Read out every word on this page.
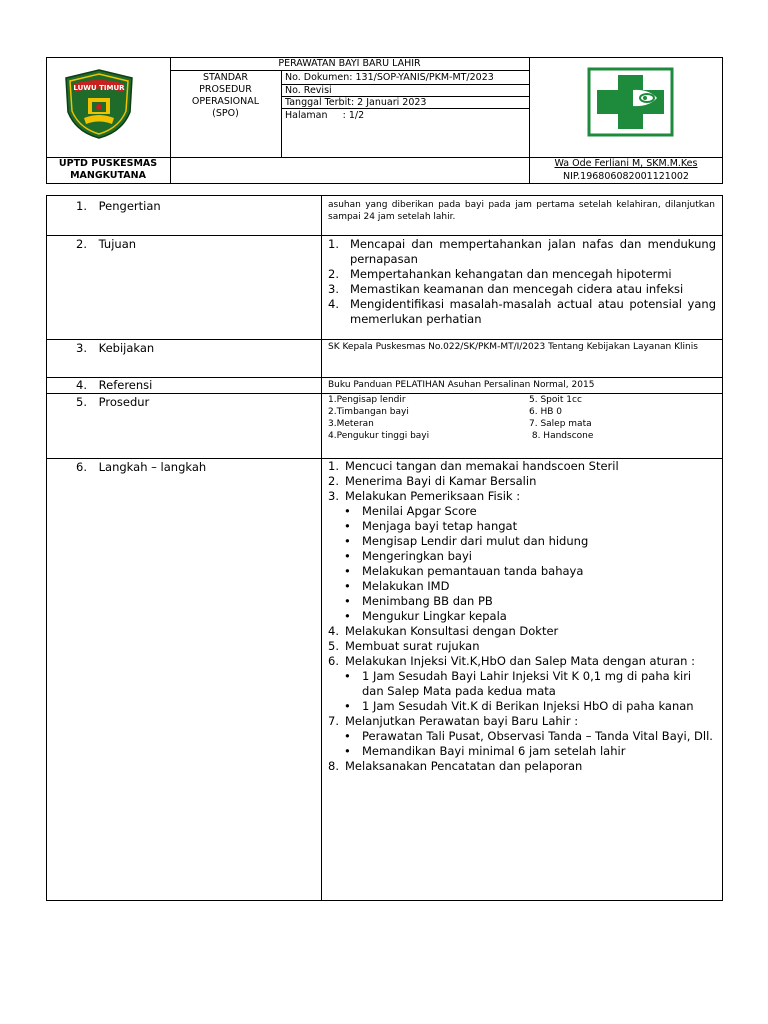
LUWU TIMUR
PERAWATAN BAYI BARU LAHIR
STANDAR
PROSEDUR
OPERASIONAL
(SPO)
No. Dokumen: 131/SOP-YANIS/PKM-MT/2023
No. Revisi
Tanggal Terbit: 2 Januari 2023
Halaman     : 1/2
UPTD PUSKESMAS
MANGKUTANA
Wa Ode Ferliani M, SKM.M.Kes
NIP.196806082001121002
1. Pengertian
2. Tujuan
3. Kebijakan
4. Referensi
5. Prosedur
6. Langkah – langkah
asuhan yang diberikan pada bayi pada jam pertama setelah kelahiran, dilanjutkan sampai 24 jam setelah lahir.
1. Mencapai dan mempertahankan jalan nafas dan mendukung pernapasan
2. Mempertahankan kehangatan dan mencegah hipotermi
3. Memastikan keamanan dan mencegah cidera atau infeksi
4. Mengidentifikasi masalah-masalah actual atau potensial yang memerlukan perhatian
SK Kepala Puskesmas No.022/SK/PKM-MT/I/2023 Tentang Kebijakan Layanan Klinis
Buku Panduan PELATIHAN Asuhan Persalinan Normal, 2015
1.Pengisap lendir
2.Timbangan bayi
3.Meteran
4.Pengukur tinggi bayi
5. Spoit 1cc
6. HB 0
7. Salep mata
8. Handscone
1. Mencuci tangan dan memakai handscoen Steril
2. Menerima Bayi di Kamar Bersalin
3. Melakukan Pemeriksaan Fisik :
• Menilai Apgar Score
• Menjaga bayi tetap hangat
• Mengisap Lendir dari mulut dan hidung
• Mengeringkan bayi
• Melakukan pemantauan tanda bahaya
• Melakukan IMD
• Menimbang BB dan PB
• Mengukur Lingkar kepala
4. Melakukan Konsultasi dengan Dokter
5. Membuat surat rujukan
6. Melakukan Injeksi Vit.K,HbO dan Salep Mata dengan aturan :
• 1 Jam Sesudah Bayi Lahir Injeksi Vit K 0,1 mg di paha kiri dan Salep Mata pada kedua mata
• 1 Jam Sesudah Vit.K di Berikan Injeksi HbO di paha kanan
7. Melanjutkan Perawatan bayi Baru Lahir :
• Perawatan Tali Pusat, Observasi Tanda – Tanda Vital Bayi, Dll.
• Memandikan Bayi minimal 6 jam setelah lahir
8. Melaksanakan Pencatatan dan pelaporan
